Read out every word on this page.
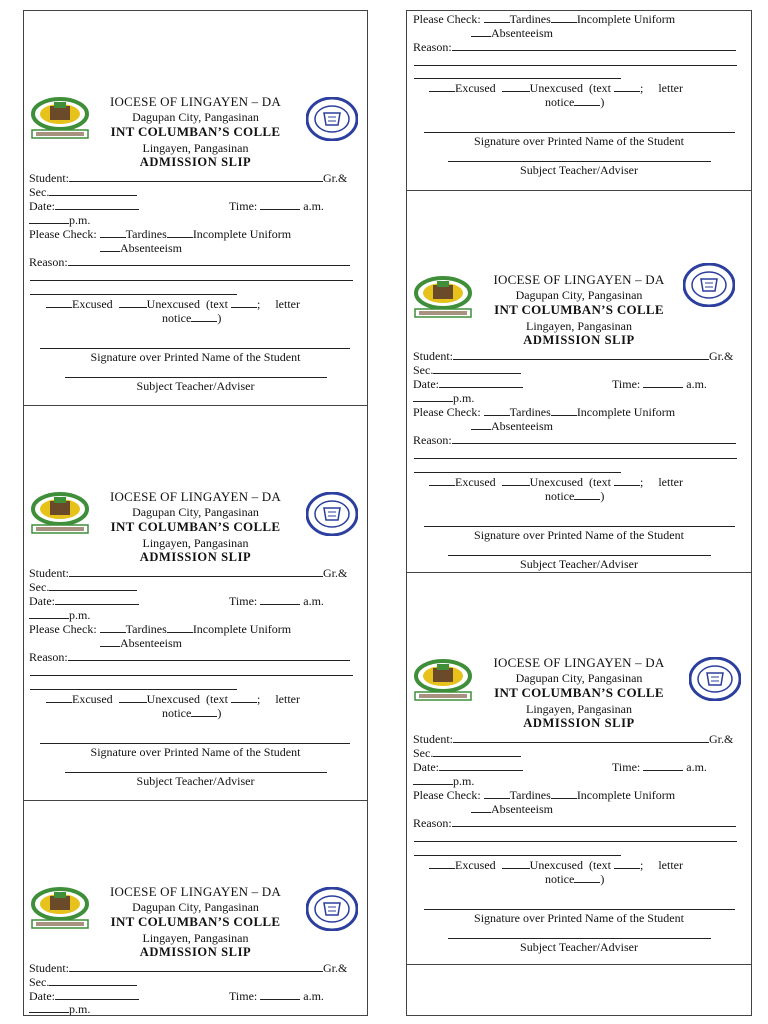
IOCESE OF LINGAYEN – DA
Dagupan City, Pangasinan
INT COLUMBAN’S COLLE
Lingayen, Pangasinan
ADMISSION SLIP
Student:	Gr.&
Sec.
Date:	Time:	a.m.
p.m.
Please Check: Tardines Incomplete Uniform
Absenteeism
Reason:
Excused	Unexcused (text ; letter
notice )
Signature over Printed Name of the Student
Subject Teacher/Adviser
IOCESE OF LINGAYEN – DA
Dagupan City, Pangasinan
INT COLUMBAN’S COLLE
Lingayen, Pangasinan
ADMISSION SLIP
Student:	Gr.&
Sec.
Date:	Time:	a.m.
p.m.
Please Check: Tardines Incomplete Uniform
Absenteeism
Reason:
Excused	Unexcused (text ; letter
notice )
Signature over Printed Name of the Student
Subject Teacher/Adviser
IOCESE OF LINGAYEN – DA
Dagupan City, Pangasinan
INT COLUMBAN’S COLLE
Lingayen, Pangasinan
ADMISSION SLIP
Student:	Gr.&
Sec.
Date:	Time:	a.m.
p.m.
Please Check: Tardines Incomplete Uniform
Absenteeism
Reason:
Excused	Unexcused (text ; letter
notice )
Signature over Printed Name of the Student
Subject Teacher/Adviser
IOCESE OF LINGAYEN – DA
Dagupan City, Pangasinan
INT COLUMBAN’S COLLE
Lingayen, Pangasinan
ADMISSION SLIP
Student:	Gr.&
Sec.
Date:	Time:	a.m.
p.m.
Please Check: Tardines Incomplete Uniform
Absenteeism
Reason:
Excused	Unexcused (text ; letter
notice )
Signature over Printed Name of the Student
Subject Teacher/Adviser
IOCESE OF LINGAYEN – DA
Dagupan City, Pangasinan
INT COLUMBAN’S COLLE
Lingayen, Pangasinan
ADMISSION SLIP
Student:	Gr.&
Sec.
Date:	Time:	a.m.
p.m.
Please Check: Tardines Incomplete Uniform
Absenteeism
Reason:
Excused	Unexcused (text ; letter
notice )
Signature over Printed Name of the Student
Subject Teacher/Adviser
